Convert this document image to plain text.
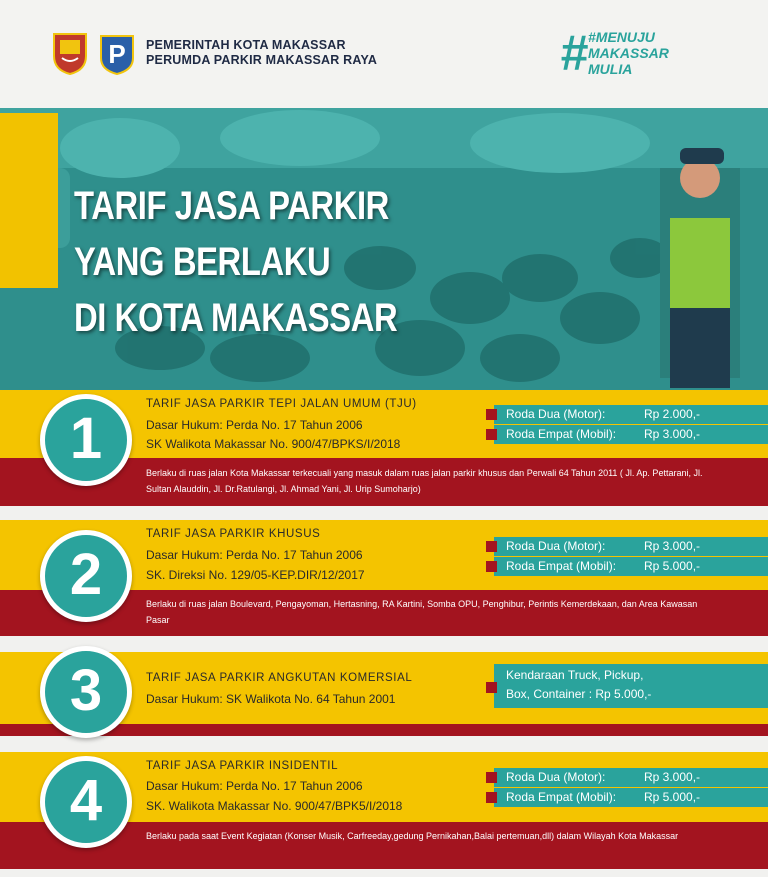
P PEMERINTAH KOTA MAKASSAR
PERUMDA PARKIR MAKASSAR RAYA	# #MENUJU
MAKASSAR
MULIA
TARIF JASA PARKIR
YANG BERLAKU
DI KOTA MAKASSAR
1
TARIF JASA PARKIR TEPI JALAN UMUM (TJU)
Dasar Hukum: Perda No. 17 Tahun 2006
SK Walikota Makassar No. 900/47/BPKS/I/2018
Roda Dua (Motor):	Rp 2.000,-
Roda Empat (Mobil): Rp 3.000,-
Berlaku di ruas jalan Kota Makassar terkecuali yang masuk dalam ruas jalan parkir khusus dan Perwali 64 Tahun 2011 ( Jl. Ap. Pettarani, Jl. Sultan Alauddin, Jl. Dr.Ratulangi, Jl. Ahmad Yani, Jl. Urip Sumoharjo)
2
TARIF JASA PARKIR KHUSUS
Dasar Hukum: Perda No. 17 Tahun 2006
SK. Direksi No. 129/05-KEP.DIR/12/2017
Roda Dua (Motor):	Rp 3.000,-
Roda Empat (Mobil): Rp 5.000,-
Berlaku di ruas jalan Boulevard, Pengayoman, Hertasning, RA Kartini, Somba OPU, Penghibur, Perintis Kemerdekaan, dan Area Kawasan Pasar
3	TARIF JASA PARKIR ANGKUTAN KOMERSIAL
Dasar Hukum: SK Walikota No. 64 Tahun 2001
Kendaraan Truck, Pickup,
Box, Container : Rp 5.000,-
4
TARIF JASA PARKIR INSIDENTIL
Dasar Hukum: Perda No. 17 Tahun 2006
SK. Walikota Makassar No. 900/47/BPK5/I/2018
Roda Dua (Motor):	Rp 3.000,-
Roda Empat (Mobil): Rp 5.000,-
Berlaku pada saat Event Kegiatan (Konser Musik, Carfreeday,gedung Pernikahan,Balai pertemuan,dll) dalam Wilayah Kota Makassar
